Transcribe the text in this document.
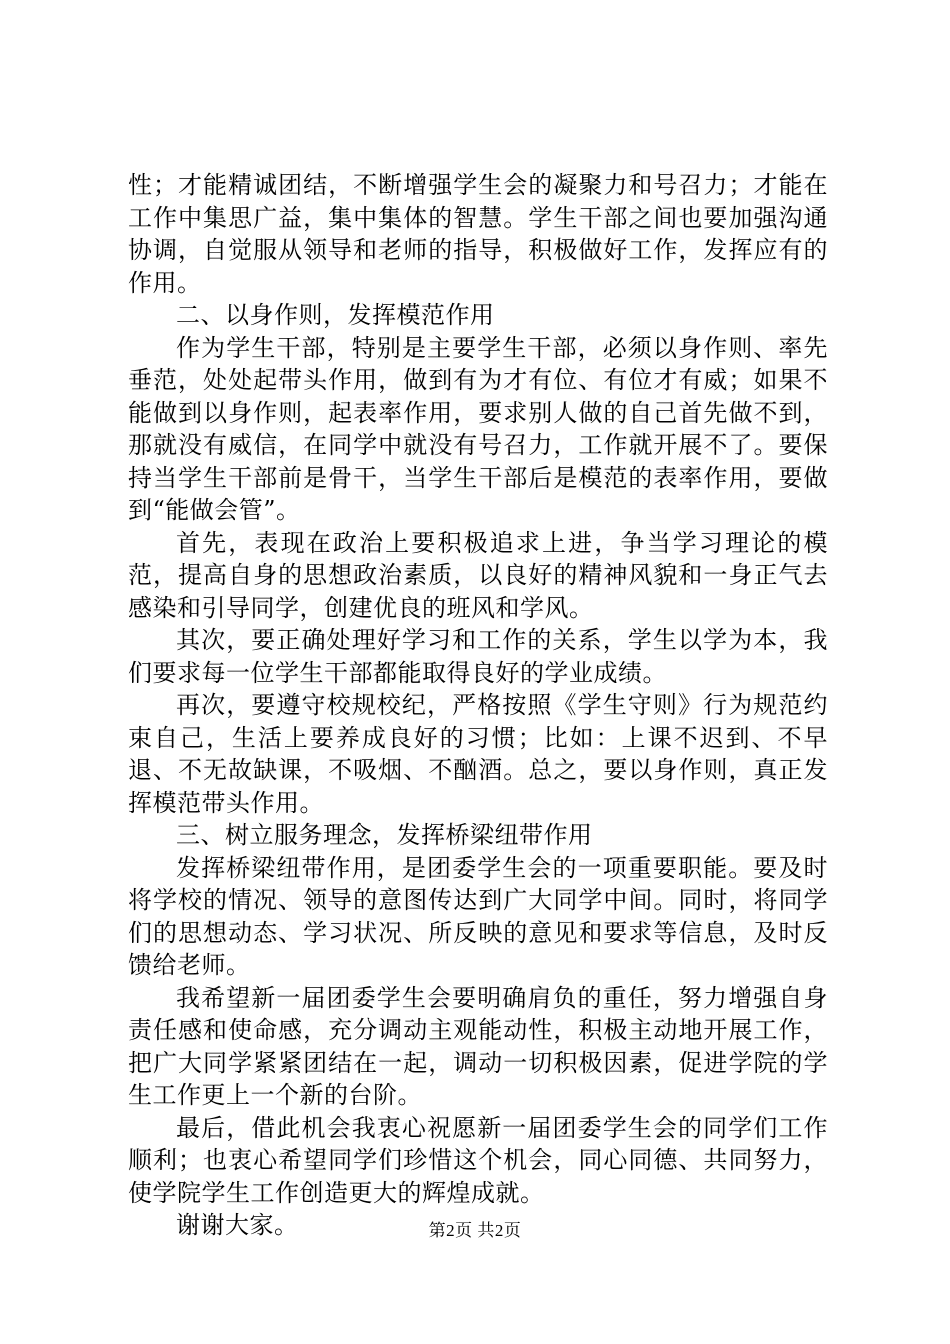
性；才能精诚团结，不断增强学生会的凝聚力和号召力；才能在工作中集思广益，集中集体的智慧。学生干部之间也要加强沟通协调，自觉服从领导和老师的指导，积极做好工作，发挥应有的作用。

二、以身作则，发挥模范作用

作为学生干部，特别是主要学生干部，必须以身作则、率先垂范，处处起带头作用，做到有为才有位、有位才有威；如果不能做到以身作则，起表率作用，要求别人做的自己首先做不到，那就没有威信，在同学中就没有号召力，工作就开展不了。要保持当学生干部前是骨干，当学生干部后是模范的表率作用，要做到“能做会管”。

首先，表现在政治上要积极追求上进，争当学习理论的模范，提高自身的思想政治素质，以良好的精神风貌和一身正气去感染和引导同学，创建优良的班风和学风。

其次，要正确处理好学习和工作的关系，学生以学为本，我们要求每一位学生干部都能取得良好的学业成绩。

再次，要遵守校规校纪，严格按照《学生守则》行为规范约束自己，生活上要养成良好的习惯；比如：上课不迟到、不早退、不无故缺课，不吸烟、不酗酒。总之，要以身作则，真正发挥模范带头作用。

三、树立服务理念，发挥桥梁纽带作用

发挥桥梁纽带作用，是团委学生会的一项重要职能。要及时将学校的情况、领导的意图传达到广大同学中间。同时，将同学们的思想动态、学习状况、所反映的意见和要求等信息，及时反馈给老师。

我希望新一届团委学生会要明确肩负的重任，努力增强自身责任感和使命感，充分调动主观能动性，积极主动地开展工作，把广大同学紧紧团结在一起，调动一切积极因素，促进学院的学生工作更上一个新的台阶。

最后，借此机会我衷心祝愿新一届团委学生会的同学们工作顺利；也衷心希望同学们珍惜这个机会，同心同德、共同努力，使学院学生工作创造更大的辉煌成就。

谢谢大家。	第2页 共2页
